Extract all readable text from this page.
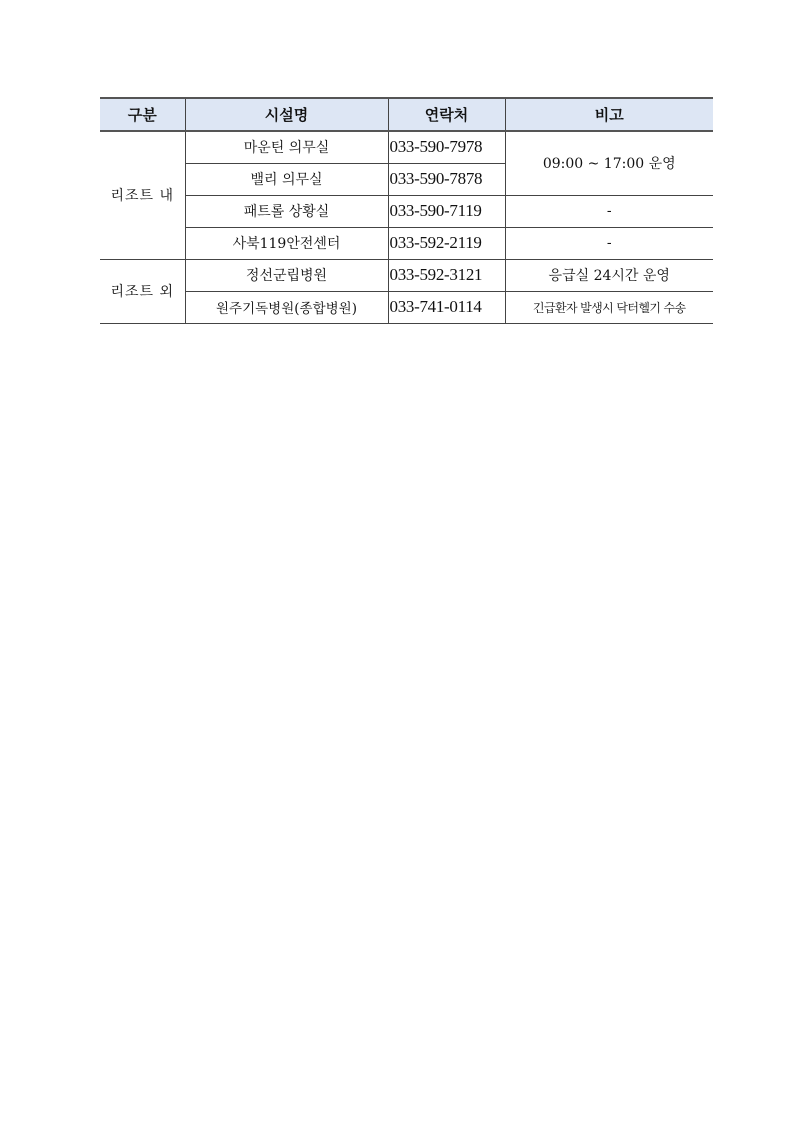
구분	시설명	연락처	비고
리조트 내	마운틴 의무실	033-590-7978	09:00 ~ 17:00 운영
	밸리 의무실	033-590-7878	
	패트롤 상황실	033-590-7119	-
	사북119안전센터	033-592-2119	-
리조트 외	정선군립병원	033-592-3121	응급실 24시간 운영
	원주기독병원(종합병원)	033-741-0114	긴급환자 발생시 닥터헬기 수송
